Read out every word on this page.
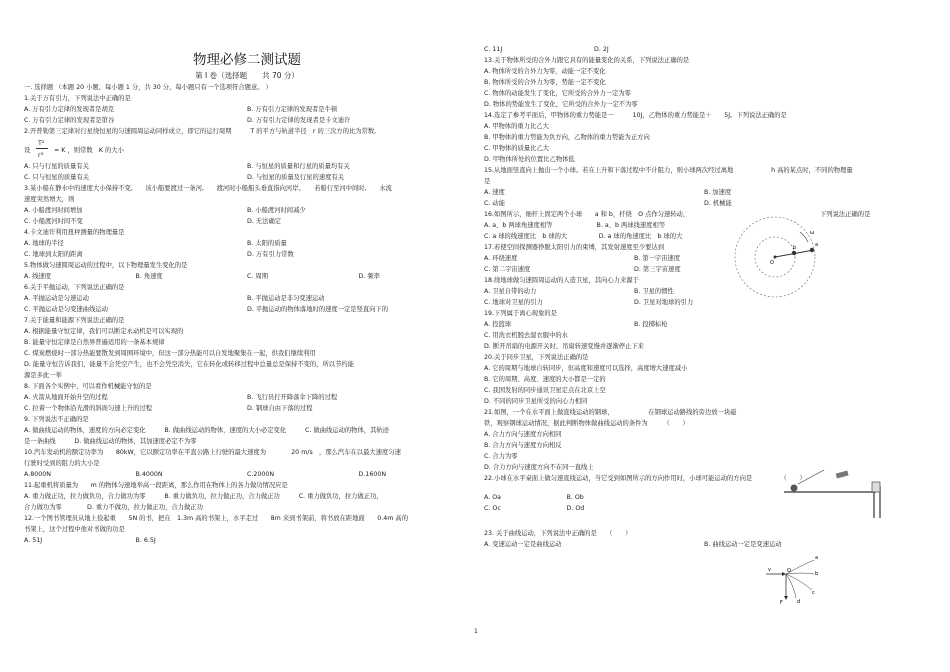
物理必修二测试题
第 I 卷（选择题　　共 70 分）
一. 选择题 （本题 20 小题，每小题 1 分，共 30 分，每小题只有一个选项符合题意。 ）
1.关于万有引力，下列说法中正确的是
A. 万有引力定律的发现者是胡克	B. 万有引力定律的发现者是牛顿
C. 万有引力定律的发现者是第谷	D. 万有引力定律的发现者是卡文迪许
2.开普勒第三定律对行星绕恒星的匀速圆周运动同样成立，即它的运行周期　　　T 的平方与轨道半径　r 的三次方的比为常数,
设
T²
r³
= K ，则常数　K 的大小
A. 只与行星的质量有关	B. 与恒星的质量和行星的质量均有关
C. 只与恒星的质量有关	D. 与恒星的质量及行星的速度有关
3.某小船在静水中的速度大小保持不变,　　该小船要渡过一条河,　　渡河时小船船头垂直指向河岸。　　若船行至河中间时,　　水流
速度突然增大，则
A. 小船渡河时间增加	B. 小船渡河时间减少
C. 小船渡河时间不变	D. 无法确定
4.卡文迪许利用扭秤测量的物理量是
A. 地球的半径	B. 太阳的质量
C. 地球到太阳的距离	D. 万有引力常数
5.物体做匀速圆周运动的过程中，以下物理量发生变化的是
A. 线速度	B. 角速度	C. 周期	D. 频率
6.关于平抛运动，下列说法正确的是
A. 平抛运动是匀速运动	B. 平抛运动是非匀变速运动
C. 平抛运动是匀变速曲线运动	D. 平抛运动的物体落地时的速度一定是竖直向下的
7.关于能量和能源下列说法正确的是
A. 根据能量守恒定律，我们可以断定永动机是可以实现的
B. 能量守恒定律是自然界普遍适用的一条基本规律
C. 煤炭燃烧时一部分热能要散发到周围环境中，但这一部分热能可以自发地聚集在一起，供我们继续利用
D. 能量守恒告诉我们，能量不会凭空产生，也不会凭空消失，它在转化或转移过程中总量总是保持不变的，所以节约能
源是多此一举
8. 下面各个实例中，可以看作机械能守恒的是
A. 火箭从地面开始升空的过程	B. 飞行员打开降落伞下降的过程
C. 拉着一个物体沿光滑的斜面匀速上升的过程	D. 钢球自由下落的过程
9. 下列说法不正确的是
A. 做曲线运动的物体，速度的方向必定变化　　　B. 做曲线运动的物体，速度的大小必定变化　　　C. 做曲线运动的物体，其轨迹
是一条曲线　　　D. 做曲线运动的物体，其加速度必定不为零
10.汽车发动机的额定功率为　　80kW，它以额定功率在平直公路上行驶的最大速度为　　　　20 m/s　，那么汽车在以最大速度匀速
行驶时受到的阻力的大小是
A.8000N	B.4000N	C.2000N	D.1600N
11.起重机将质量为　　m 的物体匀速地举高一段距离，那么作用在物体上的各力做功情况应是
A. 重力做正功，拉力做负功，合力做功为零　　　B. 重力做负功，拉力做正功，合力做正功　　　C. 重力做负功，拉力做正功，
合力做功为零　　　　D. 重力不做功，拉力做正功，合力做正功
12.一个图书管理员从地上捡起重　　5N 的书，把在　1.3m 高的书架上，水平走过　　8m 来到书架前，将书放在距地面　　0.4m 高的
书架上，这个过程中他对书做的功是
A. 51J	B. 6.5J
C. 11J	D. 2J
13.关于物体所受的合外力跟它具有的能量变化的关系，下列说法正确的是
A. 物体所受的合外力为零，动能一定不变化
B. 物体所受的合外力为零，势能一定不变化
C. 物体的动能发生了变化，它所受的合外力一定为零
D. 物体的势能发生了变化，它所受的合外力一定不为零
14.选定了参考平面后，甲物体的重力势能是一　　　10J，乙物体的重力势能是＋　　5J。下列说法正确的是
A. 甲物体的重力比乙大
B. 甲物体的重力势能为负方向，乙物体的重力势能为正方向
C. 甲物体的质量比乙大
D. 甲物体所处的位置比乙物体低
15.从地面竖直向上抛出一个小球。若在上升和下落过程中不计阻力，则小球两次经过离地　　　　　　h 高的某点时，不同的物理量
是
A. 速度	B. 加速度
C. 动能	D. 机械能
16.如图所示，细杆上固定两个小球　　a 和 b，杆绕　O 点作匀速转动，	下列说法正确的是
A. a、b 两球角速度相等　　　　　　　B. a、b 两球线速度相等
C. a 球的线速度比　b 球的大　　　　　D. a 球的角速度比　b 球的大
17.若使空间探测器挣脱太阳引力的束缚，其发射速度至少要达到
A. 环绕速度	B. 第一宇宙速度
C. 第二宇宙速度	D. 第三宇宙速度
18.绕地球做匀速圆周运动的人造卫星，其向心力来源于
A. 卫星自带的动力	B. 卫星的惯性
C. 地球对卫星的引力	D. 卫星对地球的引力
19.下列属于离心现象的是
A. 投篮球	B. 投掷标枪
C. 用洗衣机脱去湿衣服中的水
D. 断开吊扇的电源开关时，吊扇转速变慢并逐渐停止下来
20.关于同步卫星，下列说法正确的是
A. 它的周期与地球自转同步，但高度和速度可以选择，高度增大速度减小
B. 它的周期、高度、速度的大小都是一定的
C. 我国发射的同步通讯卫星定点在北京上空
D. 不同的同步卫星所受的向心力相同
21.如图，一个在水平面上做直线运动的钢球，　　　　　　在钢球运动路线的旁边放一块磁
铁，观察钢球运动情况，据此判断物体做曲线运动的条件为　　　（　　）
A. 合力方向与速度方向相同
B. 合力方向与速度方向相反
C. 合力为零
D. 合力方向与速度方向不在同一直线上
22.小球在水平桌面上做匀速直线运动，当它受到如图所示的方向作用时，小球可能运动的方向是　　　　　（　　）
A. Oa	B. Ob
C. Oc	D. Od
23. 关于曲线运动，下列说法中正确的是　　（　　）
A. 变速运动一定是曲线运动	B. 曲线运动一定是变速运动
a
b
O
ω
a
b
c
d
F
O
v
1
